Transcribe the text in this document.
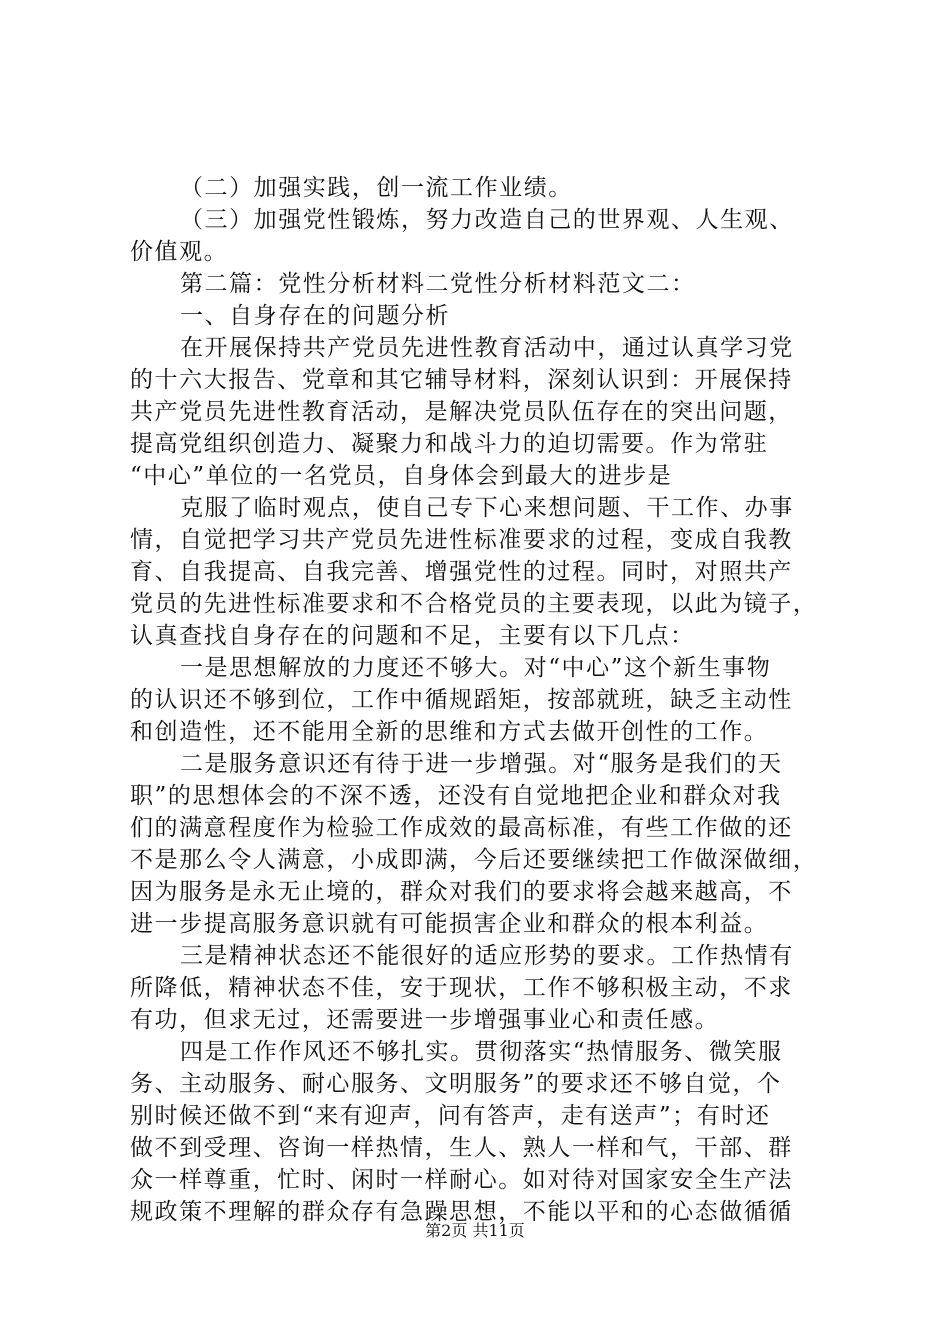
（二）加强实践，创一流工作业绩。
（三）加强党性锻炼，努力改造自己的世界观、人生观、
价值观。
第二篇：党性分析材料二党性分析材料范文二：
一、自身存在的问题分析
在开展保持共产党员先进性教育活动中，通过认真学习党
的十六大报告、党章和其它辅导材料，深刻认识到：开展保持
共产党员先进性教育活动，是解决党员队伍存在的突出问题，
提高党组织创造力、凝聚力和战斗力的迫切需要。作为常驻
“中心”单位的一名党员，自身体会到最大的进步是
克服了临时观点，使自己专下心来想问题、干工作、办事
情，自觉把学习共产党员先进性标准要求的过程，变成自我教
育、自我提高、自我完善、增强党性的过程。同时，对照共产
党员的先进性标准要求和不合格党员的主要表现，以此为镜子，
认真查找自身存在的问题和不足，主要有以下几点：
一是思想解放的力度还不够大。对“中心”这个新生事物
的认识还不够到位，工作中循规蹈矩，按部就班，缺乏主动性
和创造性，还不能用全新的思维和方式去做开创性的工作。
二是服务意识还有待于进一步增强。对“服务是我们的天
职”的思想体会的不深不透，还没有自觉地把企业和群众对我
们的满意程度作为检验工作成效的最高标准，有些工作做的还
不是那么令人满意，小成即满，今后还要继续把工作做深做细，
因为服务是永无止境的，群众对我们的要求将会越来越高，不
进一步提高服务意识就有可能损害企业和群众的根本利益。
三是精神状态还不能很好的适应形势的要求。工作热情有
所降低，精神状态不佳，安于现状，工作不够积极主动，不求
有功，但求无过，还需要进一步增强事业心和责任感。
四是工作作风还不够扎实。贯彻落实“热情服务、微笑服
务、主动服务、耐心服务、文明服务”的要求还不够自觉，个
别时候还做不到“来有迎声，问有答声，走有送声”；有时还
做不到受理、咨询一样热情，生人、熟人一样和气，干部、群
众一样尊重，忙时、闲时一样耐心。如对待对国家安全生产法
规政策不理解的群众存有急躁思想，不能以平和的心态做循循
第2页 共11页
